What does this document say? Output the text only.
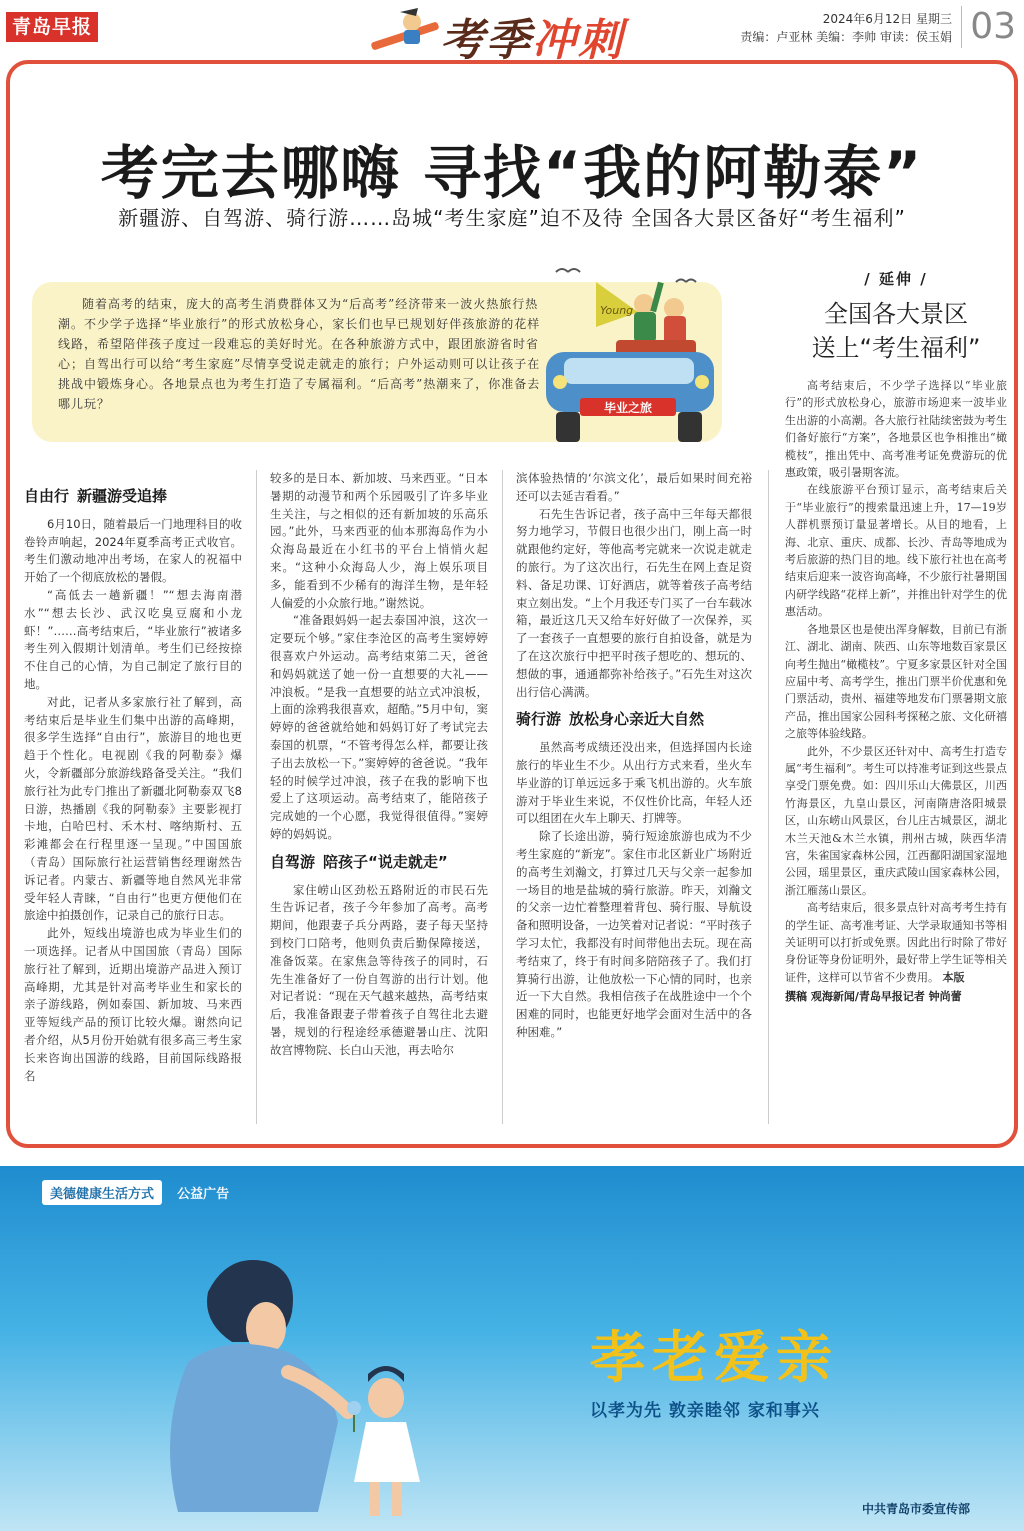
青岛早报	考季冲刺	2024年6月12日 星期三
责编：卢亚林 美编：李帅 审读：侯玉娟 03
考完去哪嗨 寻找“我的阿勒泰”
新疆游、自驾游、骑行游……岛城“考生家庭”迫不及待 全国各大景区备好“考生福利”

随着高考的结束，庞大的高考生消费群体又为“后高考”经济带来一波火热旅行热潮。不少学子选择“毕业旅行”的形式放松身心，家长们也早已规划好伴孩旅游的花样线路，希望陪伴孩子度过一段难忘的美好时光。在各种旅游方式中，跟团旅游省时省心；自驾出行可以给“考生家庭”尽情享受说走就走的旅行；户外运动则可以让孩子在挑战中锻炼身心。各地景点也为考生打造了专属福利。“后高考”热潮来了，你准备去哪儿玩？

Young
毕业之旅
/ 延伸 /
全国各大景区
送上“考生福利”

高考结束后，不少学子选择以“毕业旅行”的形式放松身心，旅游市场迎来一波毕业生出游的小高潮。各大旅行社陆续密鼓为考生们备好旅行“方案”，各地景区也争相推出“橄榄枝”，推出凭中、高考准考证免费游玩的优惠政策，吸引暑期客流。

在线旅游平台预订显示，高考结束后关于“毕业旅行”的搜索量迅速上升，17—19岁人群机票预订量显著增长。从目的地看，上海、北京、重庆、成都、长沙、青岛等地成为考后旅游的热门目的地。线下旅行社也在高考结束后迎来一波咨询高峰，不少旅行社暑期国内研学线路“花样上新”，并推出针对学生的优惠活动。

各地景区也是使出浑身解数，目前已有浙江、湖北、湖南、陕西、山东等地数百家景区向考生抛出“橄榄枝”。宁夏多家景区针对全国应届中考、高考学生，推出门票半价优惠和免门票活动，贵州、福建等地发布门票暑期文旅产品，推出国家公园科考探秘之旅、文化研禧之旅等体验线路。

此外，不少景区还针对中、高考生打造专属“考生福利”。考生可以持准考证到这些景点享受门票免费。如：四川乐山大佛景区，川西竹海景区，九皇山景区，河南隋唐洛阳城景区，山东崂山风景区，台儿庄古城景区，湖北木兰天池&木兰水镇，荆州古城，陕西华清宫，朱雀国家森林公园，江西鄱阳湖国家湿地公园，瑶里景区，重庆武陵山国家森林公园，浙江雁荡山景区。

高考结束后，很多景点针对高考考生持有的学生证、高考准考证、大学录取通知书等相关证明可以打折或免票。因此出行时除了带好身份证等身份证明外，最好带上学生证等相关证件，这样可以节省不少费用。 本版

撰稿 观海新闻/青岛早报记者 钟尚蕾
自由行 新疆游受追捧

6月10日，随着最后一门地理科目的收卷铃声响起，2024年夏季高考正式收官。考生们激动地冲出考场，在家人的祝福中开始了一个彻底放松的暑假。

“高低去一趟新疆！”“想去海南潜水”“想去长沙、武汉吃臭豆腐和小龙虾！”……高考结束后，“毕业旅行”被诸多考生列入假期计划清单。考生们已经按捺不住自己的心情，为自己制定了旅行目的地。

对此，记者从多家旅行社了解到，高考结束后是毕业生们集中出游的高峰期，很多学生选择“自由行”，旅游目的地也更趋于个性化。电视剧《我的阿勒泰》爆火，令新疆部分旅游线路备受关注。“我们旅行社为此专门推出了新疆北阿勒泰双飞8日游，热播剧《我的阿勒泰》主要影视打卡地，白哈巴村、禾木村、喀纳斯村、五彩滩都会在行程里逐一呈现。”中国国旅（青岛）国际旅行社运营销售经理谢然告诉记者。内蒙古、新疆等地自然风光非常受年轻人青睐，“自由行”也更方便他们在旅途中拍摄创作，记录自己的旅行日志。

此外，短线出境游也成为毕业生们的一项选择。记者从中国国旅（青岛）国际旅行社了解到，近期出境游产品进入预订高峰期，尤其是针对高考毕业生和家长的亲子游线路，例如泰国、新加坡、马来西亚等短线产品的预订比较火爆。谢然向记者介绍，从5月份开始就有很多高三考生家长来咨询出国游的线路，目前国际线路报名

较多的是日本、新加坡、马来西亚。“日本暑期的动漫节和两个乐园吸引了许多毕业生关注，与之相似的还有新加坡的乐高乐园。”此外，马来西亚的仙本那海岛作为小众海岛最近在小红书的平台上悄悄火起来。“这种小众海岛人少，海上娱乐项目多，能看到不少稀有的海洋生物，是年轻人偏爱的小众旅行地。”谢然说。

“准备跟妈妈一起去泰国冲浪，这次一定要玩个够。”家住李沧区的高考生窦婷婷很喜欢户外运动。高考结束第二天，爸爸和妈妈就送了她一份一直想要的大礼——冲浪板。“是我一直想要的站立式冲浪板，上面的涂鸦我很喜欢，超酷。”5月中旬，窦婷婷的爸爸就给她和妈妈订好了考试完去泰国的机票，“不管考得怎么样，都要让孩子出去放松一下。”窦婷婷的爸爸说。“我年轻的时候学过冲浪，孩子在我的影响下也爱上了这项运动。高考结束了，能陪孩子完成她的一个心愿，我觉得很值得。”窦婷婷的妈妈说。

自驾游 陪孩子“说走就走”

家住崂山区劲松五路附近的市民石先生告诉记者，孩子今年参加了高考。高考期间，他跟妻子兵分两路，妻子每天坚持到校门口陪考，他则负责后勤保障接送，准备饭菜。在家焦急等待孩子的同时，石先生准备好了一份自驾游的出行计划。他对记者说：“现在天气越来越热，高考结束后，我准备跟妻子带着孩子自驾往北去避暑，规划的行程途经承德避暑山庄、沈阳故宫博物院、长白山天池，再去哈尔

滨体验热情的‘尔滨文化’，最后如果时间充裕还可以去延吉看看。”

石先生告诉记者，孩子高中三年每天都很努力地学习，节假日也很少出门，刚上高一时就跟他约定好，等他高考完就来一次说走就走的旅行。为了这次出行，石先生在网上查足资料、备足功课、订好酒店，就等着孩子高考结束立刻出发。“上个月我还专门买了一台车载冰箱，最近这几天又给车好好做了一次保养，买了一套孩子一直想要的旅行自拍设备，就是为了在这次旅行中把平时孩子想吃的、想玩的、想做的事，通通都弥补给孩子。”石先生对这次出行信心满满。

骑行游 放松身心亲近大自然

虽然高考成绩还没出来，但选择国内长途旅行的毕业生不少。从出行方式来看，坐火车毕业游的订单远远多于乘飞机出游的。火车旅游对于毕业生来说，不仅性价比高，年轻人还可以组团在火车上聊天、打牌等。

除了长途出游，骑行短途旅游也成为不少考生家庭的“新宠”。家住市北区新业广场附近的高考生刘瀚文，打算过几天与父亲一起参加一场目的地是盐城的骑行旅游。昨天，刘瀚文的父亲一边忙着整理着背包、骑行服、导航设备和照明设备，一边笑着对记者说：“平时孩子学习太忙，我都没有时间带他出去玩。现在高考结束了，终于有时间多陪陪孩子了。我们打算骑行出游，让他放松一下心情的同时，也亲近一下大自然。我相信孩子在战胜途中一个个困难的同时，也能更好地学会面对生活中的各种困难。”

美德健康生活方式 公益广告
孝老爱亲
以孝为先 敦亲睦邻 家和事兴
中共青岛市委宣传部
